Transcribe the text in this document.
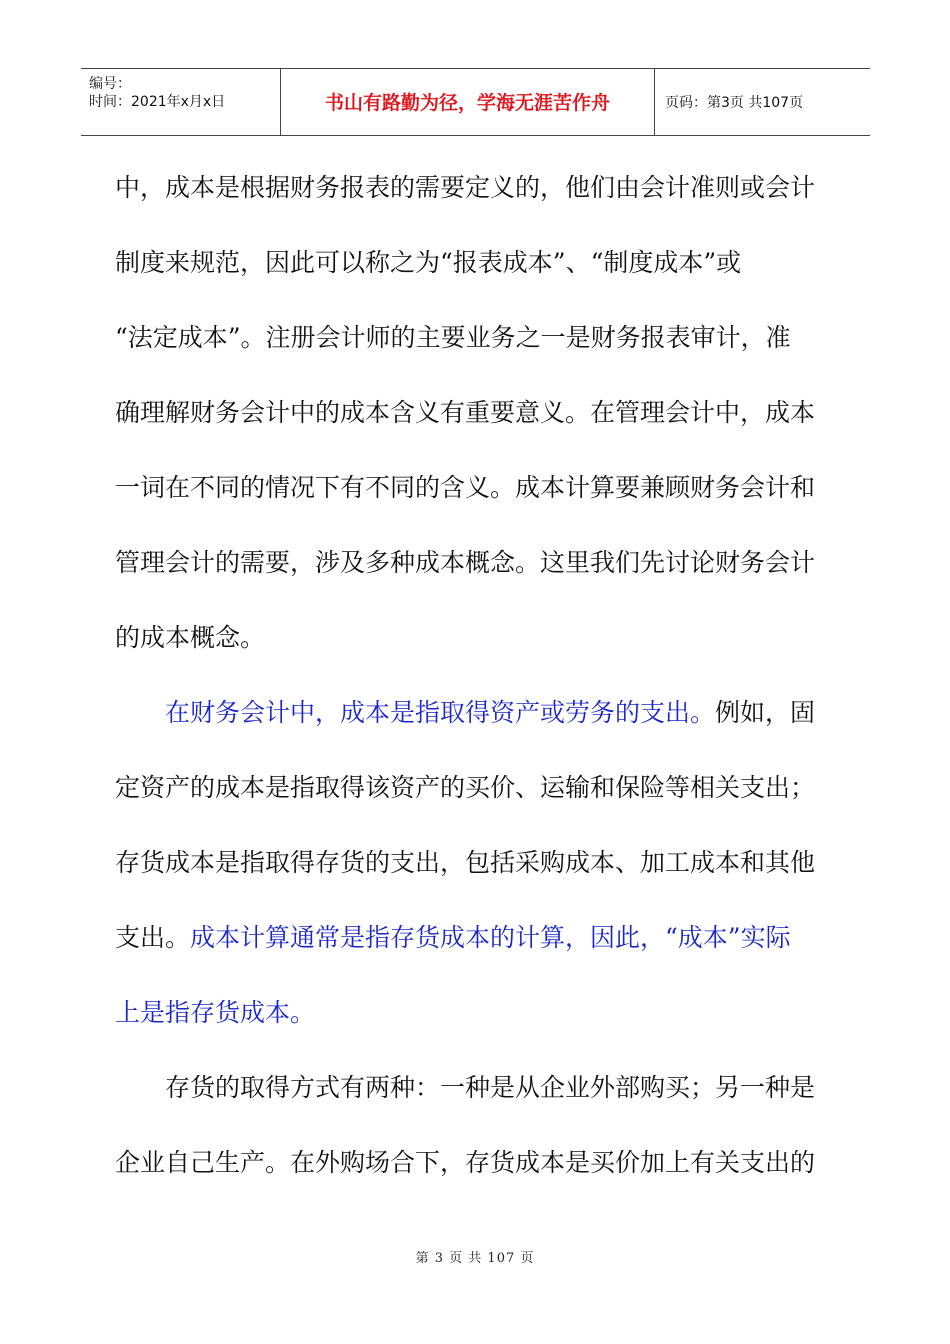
编号：
时间：2021年x月x日	书山有路勤为径，学海无涯苦作舟	页码：第3页 共107页
中，成本是根据财务报表的需要定义的，他们由会计准则或会计
制度来规范，因此可以称之为“报表成本”、“制度成本”或
“法定成本”。注册会计师的主要业务之一是财务报表审计，准
确理解财务会计中的成本含义有重要意义。在管理会计中，成本
一词在不同的情况下有不同的含义。成本计算要兼顾财务会计和
管理会计的需要，涉及多种成本概念。这里我们先讨论财务会计
的成本概念。
在财务会计中，成本是指取得资产或劳务的支出。例如，固
定资产的成本是指取得该资产的买价、运输和保险等相关支出；
存货成本是指取得存货的支出，包括采购成本、加工成本和其他
支出。成本计算通常是指存货成本的计算，因此，“成本”实际
上是指存货成本。
存货的取得方式有两种：一种是从企业外部购买；另一种是
企业自己生产。在外购场合下，存货成本是买价加上有关支出的
第 3 页 共 107 页
